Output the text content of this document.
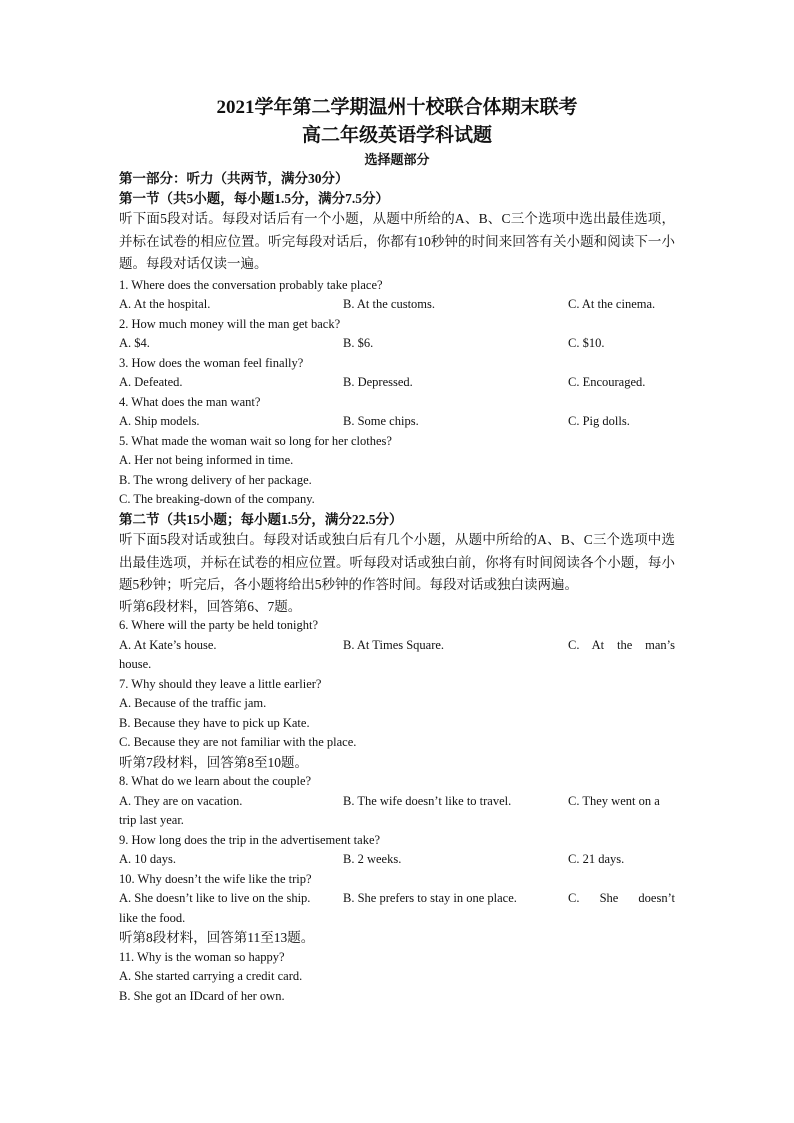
2021学年第二学期温州十校联合体期末联考

高二年级英语学科试题

选择题部分

第一部分：听力（共两节，满分30分）

第一节（共5小题，每小题1.5分，满分7.5分）

听下面5段对话。每段对话后有一个小题，从题中所给的A、B、C三个选项中选出最佳选项，并标在试卷的相应位置。听完每段对话后，你都有10秒钟的时间来回答有关小题和阅读下一小题。每段对话仅读一遍。

1. Where does the conversation probably take place?

A. At the hospital.	B. At the customs.	C. At the cinema.

2. How much money will the man get back?

A. $4.	B. $6.	C. $10.

3. How does the woman feel finally?

A. Defeated.	B. Depressed.	C. Encouraged.

4. What does the man want?

A. Ship models.	B. Some chips.	C. Pig dolls.

5. What made the woman wait so long for her clothes?

A. Her not being informed in time.

B. The wrong delivery of her package.

C. The breaking-down of the company.

第二节（共15小题；每小题1.5分，满分22.5分）

听下面5段对话或独白。每段对话或独白后有几个小题，从题中所给的A、B、C三个选项中选出最佳选项，并标在试卷的相应位置。听每段对话或独白前，你将有时间阅读各个小题，每小题5秒钟；听完后，各小题将给出5秒钟的作答时间。每段对话或独白读两遍。

听第6段材料，回答第6、7题。

6. Where will the party be held tonight?

A. At Kate’s house.	B. At Times Square.	C.  At  the  man’s

house.

7. Why should they leave a little earlier?

A. Because of the traffic jam.

B. Because they have to pick up Kate.

C. Because they are not familiar with the place.

听第7段材料，回答第8至10题。

8. What do we learn about the couple?

A. They are on vacation.	B. The wife doesn’t like to travel.	C. They went on a

trip last year.

9. How long does the trip in the advertisement take?

A. 10 days.	B. 2 weeks.	C. 21 days.

10. Why doesn’t the wife like the trip?

A. She doesn’t like to live on the ship.	B. She prefers to stay in one place.	C.   She   doesn’t

like the food.

听第8段材料，回答第11至13题。

11. Why is the woman so happy?

A. She started carrying a credit card.

B. She got an IDcard of her own.
